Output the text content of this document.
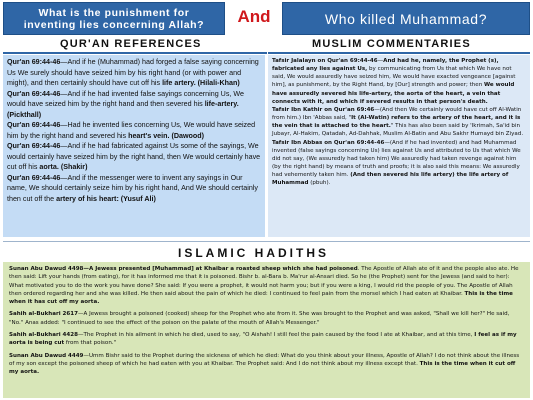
What is the punishment for
inventing lies concerning Allah?	And	Who killed Muhammad?
QUR'AN REFERENCES	MUSLIM COMMENTARIES
Qur'an 69:44-46—And if he (Muhammad) had forged a false saying concerning Us We surely should have seized him by his right hand (or with power and might), and then certainly should have cut off his life artery. (Hilali-Khan)
Qur'an 69:44-46—And if he had invented false sayings concerning Us, We would have seized him by the right hand and then severed his life-artery. (Pickthall)
Qur'an 69:44-46—Had he invented lies concerning Us, We would have seized him by the right hand and severed his heart's vein. (Dawood)
Qur'an 69:44-46—And if he had fabricated against Us some of the sayings, We would certainly have seized him by the right hand, then We would certainly have cut off his aorta. (Shakir)
Qur'an 69:44-46—And if the messenger were to invent any sayings in Our name, We should certainly seize him by his right hand, And We should certainly then cut off the artery of his heart: (Yusuf Ali)
Tafsir Jalalayn on Qur'an 69:44-46—And had he, namely, the Prophet (s), fabricated any lies against Us, by communicating from Us that which We have not said, We would assuredly have seized him, We would have exacted vengeance [against him], as punishment, by the Right Hand, by [Our] strength and power; then We would have assuredly severed his life-artery, the aorta of the heart, a vein that connects with it, and which if severed results in that person's death.
Tafsir Ibn Kathir on Qur'an 69:46—(And then We certainly would have cut off Al-Watin from him.) Ibn 'Abbas said, "It (Al-Watin) refers to the artery of the heart, and it is the vein that is attached to the heart." This has also been said by 'Ikrimah, Sa'id bin Jubayr, Al-Hakim, Qatadah, Ad-Dahhak, Muslim Al-Batin and Abu Sakhr Humayd bin Ziyad.
Tafsir Ibn Abbas on Qur'an 69:44-46—(And if he had invented) and had Muhammad invented (false sayings concerning Us) lies against Us and attributed to Us that which We did not say, (We assuredly had taken him) We assuredly had taken revenge against him (by the right hand) by means of truth and proofs; it is also said this means: We assuredly had vehemently taken him. (And then severed his life artery) the life artery of Muhammad (pbuh).
ISLAMIC HADITHS

Sunan Abu Dawud 4498—A Jewess presented [Muhammad] at Khaibar a roasted sheep which she had poisoned. The Apostle of Allah ate of it and the people also ate. He then said: Lift your hands (from eating), for it has informed me that it is poisoned. Bishr b. al-Bara b. Ma'rur al-Ansari died. So he (the Prophet) sent for the Jewess (and said to her): What motivated you to do the work you have done? She said: If you were a prophet, it would not harm you; but if you were a king, I would rid the people of you. The Apostle of Allah then ordered regarding her and she was killed. He then said about the pain of which he died: I continued to feel pain from the morsel which I had eaten at Khaibar. This is the time when it has cut off my aorta.

Sahih al-Bukhari 2617—A Jewess brought a poisoned (cooked) sheep for the Prophet who ate from it. She was brought to the Prophet and was asked, "Shall we kill her?" He said, "No." Anas added: "I continued to see the effect of the poison on the palate of the mouth of Allah's Messenger."

Sahih al-Bukhari 4428—The Prophet in his ailment in which he died, used to say, "O Aishah! I still feel the pain caused by the food I ate at Khaibar, and at this time, I feel as if my aorta is being cut from that poison."

Sunan Abu Dawud 4449—Umm Bishr said to the Prophet during the sickness of which he died: What do you think about your illness, Apostle of Allah? I do not think about the illness of my son except the poisoned sheep of which he had eaten with you at Khaibar. The Prophet said: And I do not think about my illness except that. This is the time when it cut off my aorta.
